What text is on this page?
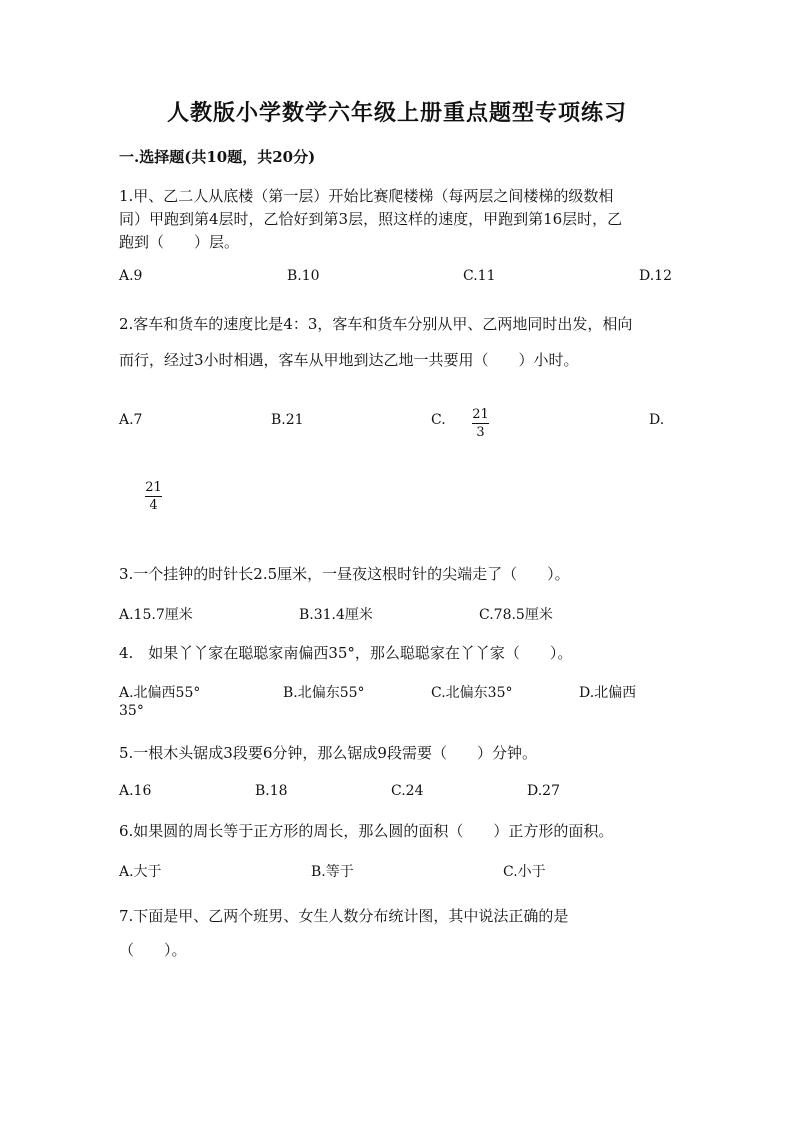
人教版小学数学六年级上册重点题型专项练习
一.选择题(共10题，共20分)
1.甲、乙二人从底楼（第一层）开始比赛爬楼梯（每两层之间楼梯的级数相
同）甲跑到第4层时，乙恰好到第3层，照这样的速度，甲跑到第16层时，乙
跑到（　　）层。
A.9	B.10	C.11	D.12
2.客车和货车的速度比是4：3，客车和货车分别从甲、乙两地同时出发，相向
而行，经过3小时相遇，客车从甲地到达乙地一共要用（　　）小时。
A.7	B.21	C. 21
3
D.
21
4
3.一个挂钟的时针长2.5厘米，一昼夜这根时针的尖端走了（　　）。
A.15.7厘米	B.31.4厘米	C.78.5厘米
4.　如果丫丫家在聪聪家南偏西35°，那么聪聪家在丫丫家（　　）。
A.北偏西55°	B.北偏东55°	C.北偏东35°	D.北偏西
35°
5.一根木头锯成3段要6分钟，那么锯成9段需要（　　）分钟。
A.16	B.18	C.24	D.27
6.如果圆的周长等于正方形的周长，那么圆的面积（　　）正方形的面积。
A.大于	B.等于	C.小于
7.下面是甲、乙两个班男、女生人数分布统计图，其中说法正确的是
（　　）。
